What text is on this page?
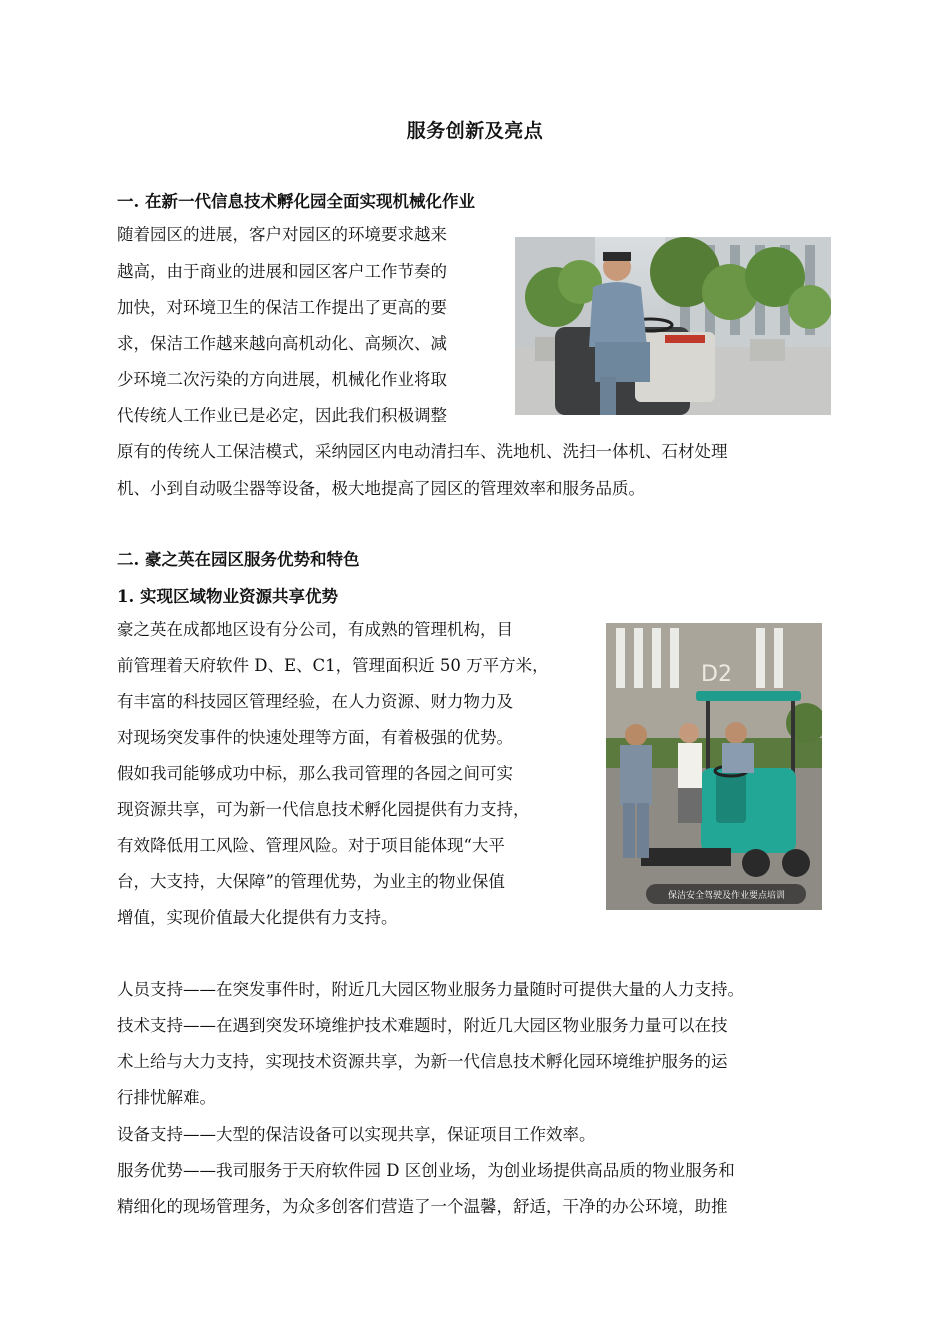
服务创新及亮点
一. 在新一代信息技术孵化园全面实现机械化作业
随着园区的进展，客户对园区的环境要求越来
越高，由于商业的进展和园区客户工作节奏的
加快，对环境卫生的保洁工作提出了更高的要
求，保洁工作越来越向高机动化、高频次、减
少环境二次污染的方向进展，机械化作业将取
代传统人工作业已是必定，因此我们积极调整
原有的传统人工保洁模式，采纳园区内电动清扫车、洗地机、洗扫一体机、石材处理
机、小到自动吸尘器等设备，极大地提高了园区的管理效率和服务品质。
二. 豪之英在园区服务优势和特色
1. 实现区域物业资源共享优势
豪之英在成都地区设有分公司，有成熟的管理机构，目
前管理着天府软件 D、E、C1，管理面积近 50 万平方米，
有丰富的科技园区管理经验，在人力资源、财力物力及
对现场突发事件的快速处理等方面，有着极强的优势。
假如我司能够成功中标，那么我司管理的各园之间可实
现资源共享，可为新一代信息技术孵化园提供有力支持，
有效降低用工风险、管理风险。对于项目能体现“大平
台，大支持，大保障”的管理优势，为业主的物业保值
增值，实现价值最大化提供有力支持。
D2
保洁安全驾驶及作业要点培训
人员支持——在突发事件时，附近几大园区物业服务力量随时可提供大量的人力支持。
技术支持——在遇到突发环境维护技术难题时，附近几大园区物业服务力量可以在技
术上给与大力支持，实现技术资源共享，为新一代信息技术孵化园环境维护服务的运
行排忧解难。
设备支持——大型的保洁设备可以实现共享，保证项目工作效率。
服务优势——我司服务于天府软件园 D 区创业场，为创业场提供高品质的物业服务和
精细化的现场管理务，为众多创客们营造了一个温馨，舒适，干净的办公环境，助推
